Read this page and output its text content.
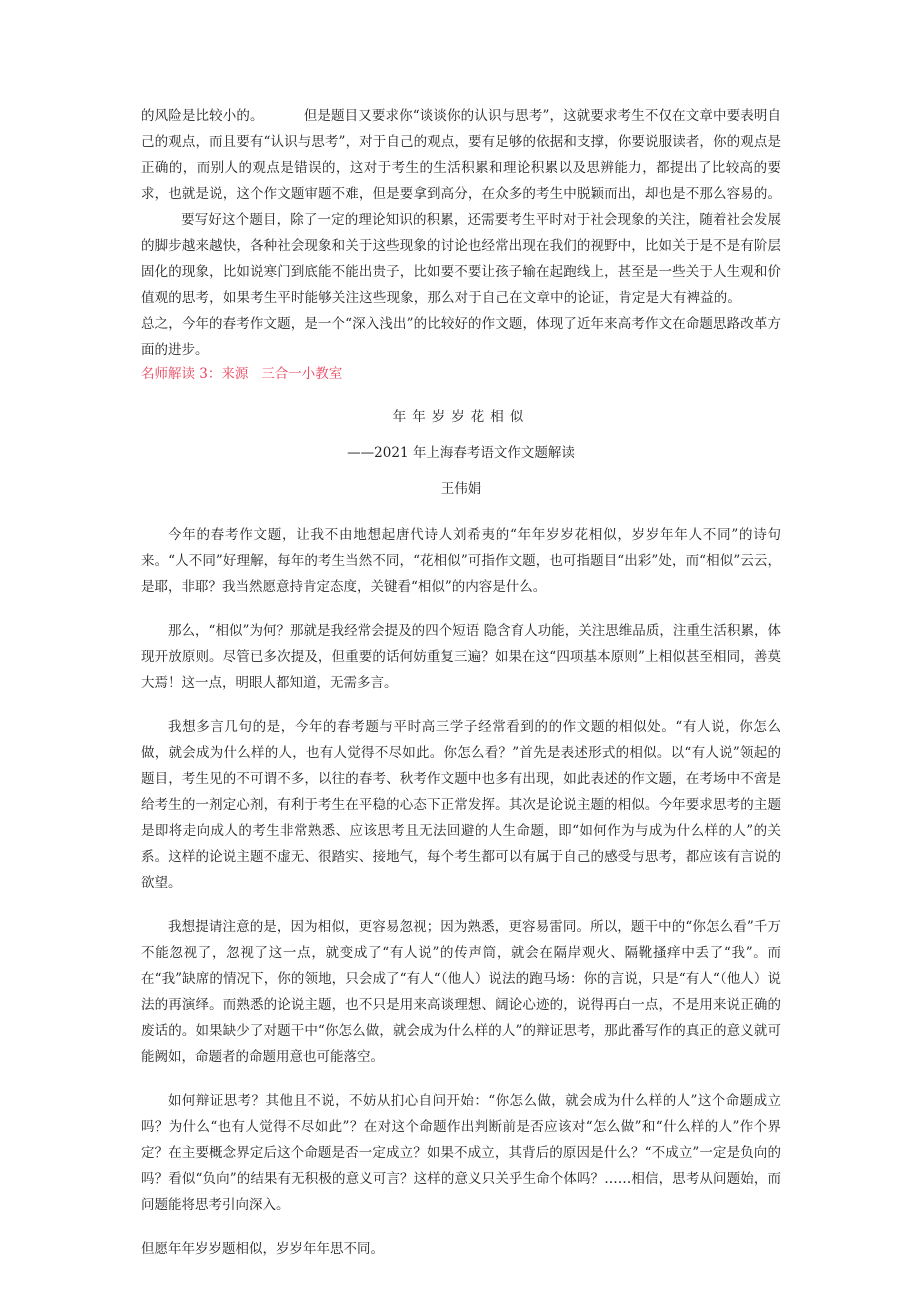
的风险是比较小的。	但是题目又要求你“谈谈你的认识与思考”，这就要求考生不仅在文章中要表明自己的观点，而且要有“认识与思考”，对于自己的观点，要有足够的依据和支撑，你要说服读者，你的观点是正确的，而别人的观点是错误的，这对于考生的生活积累和理论积累以及思辨能力，都提出了比较高的要求，也就是说，这个作文题审题不难，但是要拿到高分，在众多的考生中脱颖而出，却也是不那么容易的。要写好这个题目，除了一定的理论知识的积累，还需要考生平时对于社会现象的关注，随着社会发展的脚步越来越快，各种社会现象和关于这些现象的讨论也经常出现在我们的视野中，比如关于是不是有阶层固化的现象，比如说寒门到底能不能出贵子，比如要不要让孩子输在起跑线上，甚至是一些关于人生观和价值观的思考，如果考生平时能够关注这些现象，那么对于自己在文章中的论证，肯定是大有裨益的。总之，今年的春考作文题，是一个“深入浅出”的比较好的作文题，体现了近年来高考作文在命题思路改革方面的进步。

名师解读 3：来源   三合一小教室

年年岁岁花相似

——2021 年上海春考语文作文题解读

王伟娟

今年的春考作文题，让我不由地想起唐代诗人刘希夷的“年年岁岁花相似，岁岁年年人不同”的诗句来。“人不同”好理解，每年的考生当然不同，“花相似”可指作文题，也可指题目“出彩”处，而“相似”云云，是耶，非耶？我当然愿意持肯定态度，关键看“相似”的内容是什么。

那么，“相似”为何？那就是我经常会提及的四个短语 隐含育人功能，关注思维品质，注重生活积累，体现开放原则。尽管已多次提及，但重要的话何妨重复三遍？如果在这“四项基本原则”上相似甚至相同，善莫大焉！这一点，明眼人都知道，无需多言。

我想多言几句的是，今年的春考题与平时高三学子经常看到的的作文题的相似处。“有人说，你怎么做，就会成为什么样的人，也有人觉得不尽如此。你怎么看？”首先是表述形式的相似。以“有人说”领起的题目，考生见的不可谓不多，以往的春考、秋考作文题中也多有出现，如此表述的作文题，在考场中不啻是给考生的一剂定心剂，有利于考生在平稳的心态下正常发挥。其次是论说主题的相似。今年要求思考的主题是即将走向成人的考生非常熟悉、应该思考且无法回避的人生命题，即“如何作为与成为什么样的人”的关系。这样的论说主题不虚无、很踏实、接地气，每个考生都可以有属于自己的感受与思考，都应该有言说的欲望。

我想提请注意的是，因为相似，更容易忽视；因为熟悉，更容易雷同。所以，题干中的“你怎么看”千万不能忽视了，忽视了这一点，就变成了“有人说”的传声筒，就会在隔岸观火、隔靴搔痒中丢了“我”。而在“我”缺席的情况下，你的领地，只会成了“有人“（他人）说法的跑马场：你的言说，只是“有人“（他人）说法的再演绎。而熟悉的论说主题，也不只是用来高谈理想、阔论心迹的，说得再白一点，不是用来说正确的废话的。如果缺少了对题干中“你怎么做，就会成为什么样的人”的辩证思考，那此番写作的真正的意义就可能阙如，命题者的命题用意也可能落空。

如何辩证思考？其他且不说，不妨从扪心自问开始：“你怎么做，就会成为什么样的人”这个命题成立吗？为什么“也有人觉得不尽如此”？在对这个命题作出判断前是否应该对“怎么做”和“什么样的人”作个界定？在主要概念界定后这个命题是否一定成立？如果不成立，其背后的原因是什么？“不成立”一定是负向的吗？看似“负向”的结果有无积极的意义可言？这样的意义只关乎生命个体吗？……相信，思考从问题始，而问题能将思考引向深入。

但愿年年岁岁题相似，岁岁年年思不同。
